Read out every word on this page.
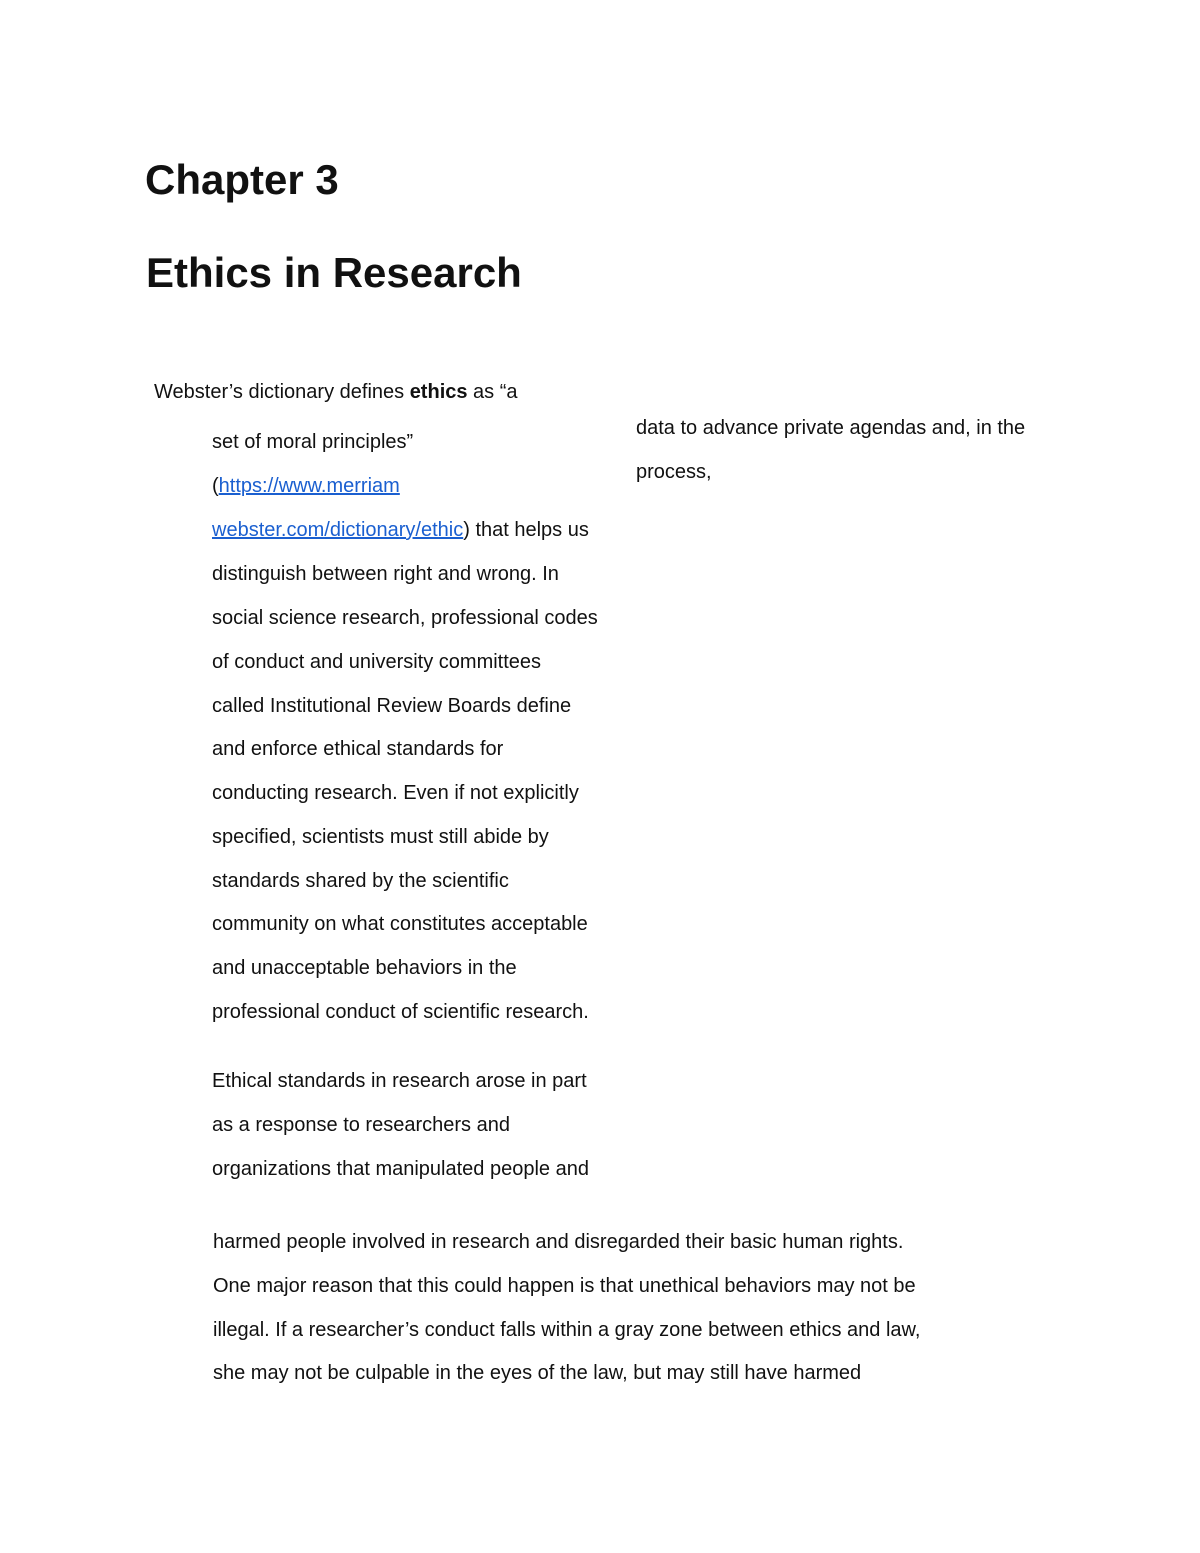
Chapter 3
Ethics in Research

Webster’s dictionary defines ethics as “a

set of moral principles”

(https://www.merriam

webster.com/dictionary/ethic) that helps us

distinguish between right and wrong. In

social science research, professional codes

of conduct and university committees

called Institutional Review Boards define

and enforce ethical standards for

conducting research. Even if not explicitly

specified, scientists must still abide by

standards shared by the scientific

community on what constitutes acceptable

and unacceptable behaviors in the

professional conduct of scientific research.

Ethical standards in research arose in part

as a response to researchers and

organizations that manipulated people and

data to advance private agendas and, in the

process,

harmed people involved in research and disregarded their basic human rights.

One major reason that this could happen is that unethical behaviors may not be

illegal. If a researcher’s conduct falls within a gray zone between ethics and law,

she may not be culpable in the eyes of the law, but may still have harmed
